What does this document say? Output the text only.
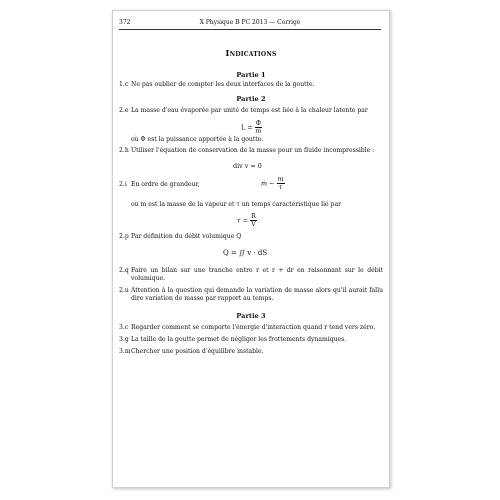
372	X Physique B PC 2013 — Corrigé
Indications
Partie 1
1.c Ne pas oublier de compter les deux interfaces de la goutte.
Partie 2
2.e La masse d'eau évaporée par unité de temps est liée à la chaleur latente par
$L = \frac{\Phi}{\text{ṁ}}$
où Φ est la puissance apportée à la goutte.
2.h Utiliser l'équation de conservation de la masse pour un fluide incompressible :
div v = 0
2.i En ordre de grandeur,	ṁ ~ $\frac{m}{\tau}$
où m est la masse de la vapeur et τ un temps caractéristique lié par
$\tau = \frac{R}{V}$
2.p Par définition du débit volumique Q
Q = ∬ v · dS
2.q Faire un bilan sur une tranche entre r et r + dr en raisonnant sur le débit volumique.
2.u Attention à la question qui demande la variation de masse alors qu'il aurait fallu dire variation de masse par rapport au temps.
Partie 3
3.c Regarder comment se comporte l'énergie d'interaction quand r tend vers zéro.
3.g La taille de la goutte permet de négliger les frottements dynamiques.
3.m Chercher une position d'équilibre instable.
